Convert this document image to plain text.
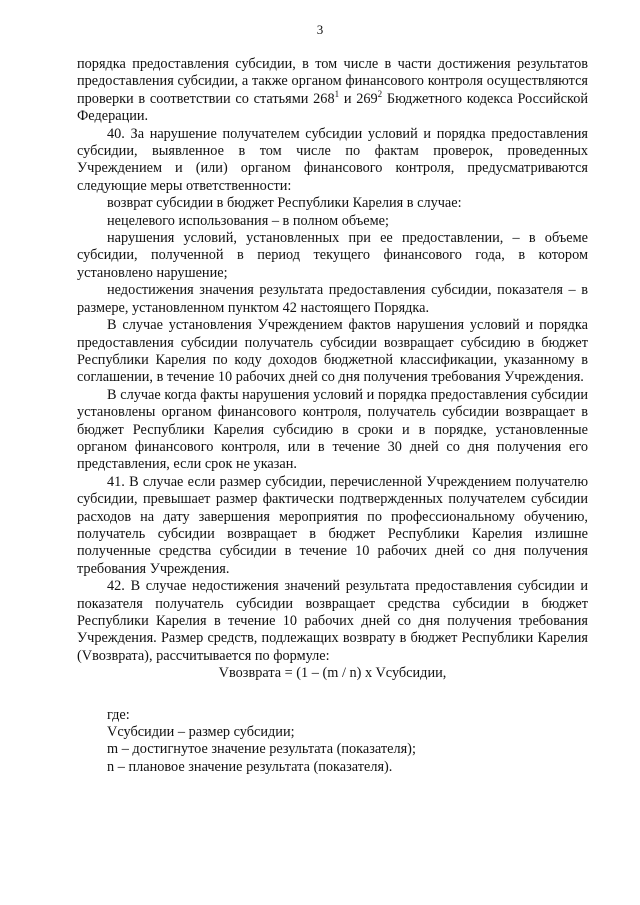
3

порядка предоставления субсидии, в том числе в части достижения результатов предоставления субсидии, а также органом финансового контроля осуществляются проверки в соответствии со статьями $268^1$ и $269^2$ Бюджетного кодекса Российской Федерации.

40. За нарушение получателем субсидии условий и порядка предоставления субсидии, выявленное в том числе по фактам проверок, проведенных Учреждением и (или) органом финансового контроля, предусматриваются следующие меры ответственности:

возврат субсидии в бюджет Республики Карелия в случае:

нецелевого использования – в полном объеме;

нарушения условий, установленных при ее предоставлении, – в объеме субсидии, полученной в период текущего финансового года, в котором установлено нарушение;

недостижения значения результата предоставления субсидии, показателя – в размере, установленном пунктом 42 настоящего Порядка.

В случае установления Учреждением фактов нарушения условий и порядка предоставления субсидии получатель субсидии возвращает субсидию в бюджет Республики Карелия по коду доходов бюджетной классификации, указанному в соглашении, в течение 10 рабочих дней со дня получения требования Учреждения.

В случае когда факты нарушения условий и порядка предоставления субсидии установлены органом финансового контроля, получатель субсидии возвращает в бюджет Республики Карелия субсидию в сроки и в порядке, установленные органом финансового контроля, или в течение 30 дней со дня получения его представления, если срок не указан.

41. В случае если размер субсидии, перечисленной Учреждением получателю субсидии, превышает размер фактически подтвержденных получателем субсидии расходов на дату завершения мероприятия по профессиональному обучению, получатель субсидии возвращает в бюджет Республики Карелия излишне полученные средства субсидии в течение 10 рабочих дней со дня получения требования Учреждения.

42. В случае недостижения значений результата предоставления субсидии и показателя получатель субсидии возвращает средства субсидии в бюджет Республики Карелия в течение 10 рабочих дней со дня получения требования Учреждения. Размер средств, подлежащих возврату в бюджет Республики Карелия (Vвозврата), рассчитывается по формуле:

Vвозврата = (1 – (m / n) x Vсубсидии,

где:

Vсубсидии – размер субсидии;

m – достигнутое значение результата (показателя);

n – плановое значение результата (показателя).
